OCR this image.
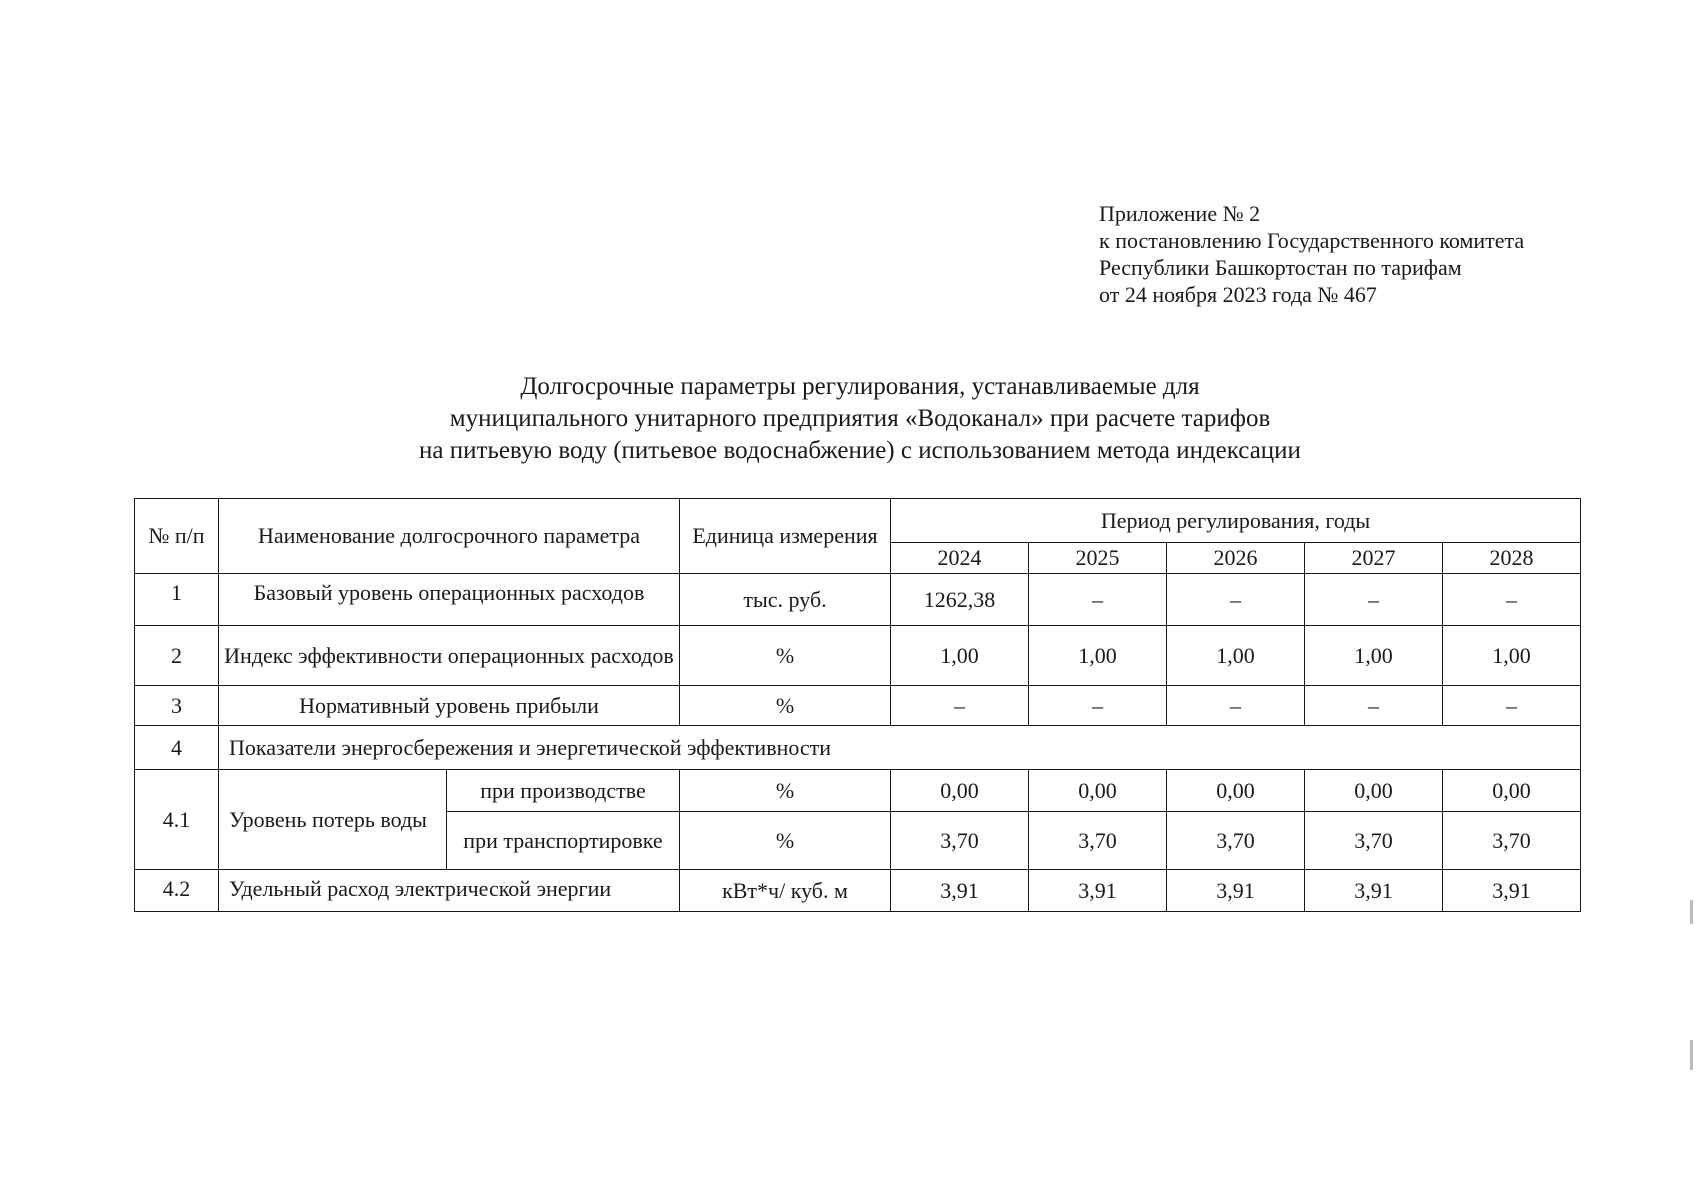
Приложение № 2
к постановлению Государственного комитета
Республики Башкортостан по тарифам
от 24 ноября 2023 года № 467
Долгосрочные параметры регулирования, устанавливаемые для
муниципального унитарного предприятия «Водоканал» при расчете тарифов
на питьевую воду (питьевое водоснабжение) с использованием метода индексации
№ п/п	Наименование долгосрочного параметра		Единица измерения	Период регулирования, годы				
				2024	2025	2026	2027	2028
1	Базовый уровень операционных расходов		тыс. руб.	1262,38	–	–	–	–
2	Индекс эффективности операционных расходов		%	1,00	1,00	1,00	1,00	1,00
3	Нормативный уровень прибыли		%	–	–	–	–	–
4	Показатели энергосбережения и энергетической эффективности							
4.1	Уровень потерь воды	при производстве	%	0,00	0,00	0,00	0,00	0,00
		при транспортировке	%	3,70	3,70	3,70	3,70	3,70
4.2	Удельный расход электрической энергии		кВт*ч/ куб. м	3,91	3,91	3,91	3,91	3,91
